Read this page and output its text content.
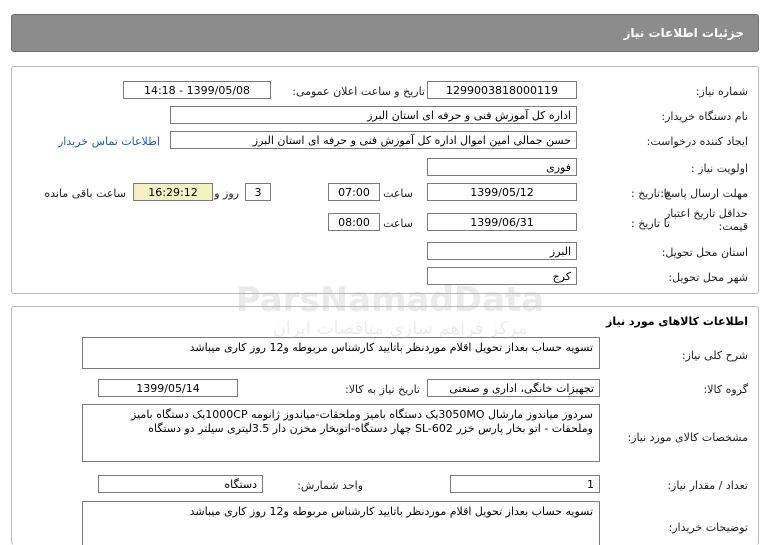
جزئیات اطلاعات نیاز
شماره نیاز:
1299003818000119
تاریخ و ساعت اعلان عمومی:
1399/05/08 - 14:18
نام دستگاه خریدار:
اداره کل آموزش فنی و حرفه ای استان البرز
ایجاد کننده درخواست:
حسن جمالی امین اموال اداره کل آموزش فنی و حرفه ای استان البرز
اطلاعات تماس خریدار
اولویت نیاز :
فوری
مهلت ارسال پاسخ:
تا تاریخ :
1399/05/12
ساعت
07:00
3
روز و
16:29:12
ساعت باقی مانده
حداقل تاریخ اعتبار قیمت:
تا تاریخ :
1399/06/31
ساعت
08:00
استان محل تحویل:
البرز
شهر محل تحویل:
کرج
اطلاعات کالاهای مورد نیاز
شرح کلی نیاز:
تسویه حساب بعداز تحویل اقلام موردنظر باتایید کارشناس مربوطه و12 روز کاری میباشد
گروه کالا:
تجهیزات خانگی، اداری و صنعتی
تاریخ نیاز به کالا:
1399/05/14
مشخصات کالای مورد نیاز:
سردوز میاندوز مارشال 3050MOیک دستگاه بامیز وملحقات-میاندوز ژانومه 1000CPیک دستگاه بامیز
وملحقات - اتو بخار پارس خزر SL-602 چهار دستگاه-اتوبخار مخزن دار 3.5لیتری سیلتر دو دستگاه
تعداد / مقدار نیاز:
1
واحد شمارش:
دستگاه
توضیحات خریدار:
تسویه حساب بعداز تحویل اقلام موردنظر باتایید کارشناس مربوطه و12 روز کاری میباشد
ParsNamadData
مرکز فراهم سازی مناقصات ایران
